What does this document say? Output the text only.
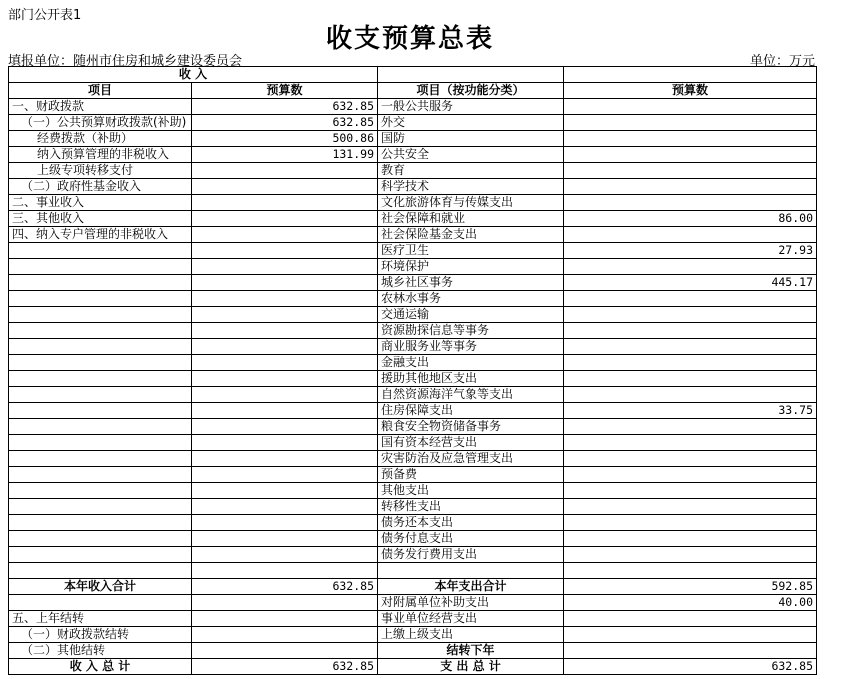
部门公开表1
收支预算总表
填报单位：随州市住房和城乡建设委员会	单位：万元
收 入			
项目	预算数	项目（按功能分类）	预算数
一、财政拨款	632.85	一般公共服务	
（一）公共预算财政拨款(补助)	632.85	外交	
经费拨款（补助）	500.86	国防	
纳入预算管理的非税收入	131.99	公共安全	
上级专项转移支付		教育	
（二）政府性基金收入		科学技术	
二、事业收入		文化旅游体育与传媒支出	
三、其他收入		社会保障和就业	86.00
四、纳入专户管理的非税收入		社会保险基金支出	
		医疗卫生	27.93
		环境保护	
		城乡社区事务	445.17
		农林水事务	
		交通运输	
		资源勘探信息等事务	
		商业服务业等事务	
		金融支出	
		援助其他地区支出	
		自然资源海洋气象等支出	
		住房保障支出	33.75
		粮食安全物资储备事务	
		国有资本经营支出	
		灾害防治及应急管理支出	
		预备费	
		其他支出	
		转移性支出	
		债务还本支出	
		债务付息支出	
		债务发行费用支出	

本年收入合计	632.85	本年支出合计	592.85
		对附属单位补助支出	40.00
五、上年结转		事业单位经营支出	
（一）财政拨款结转		上缴上级支出	
（二）其他结转		结转下年	
收 入 总 计	632.85	支 出 总 计	632.85
